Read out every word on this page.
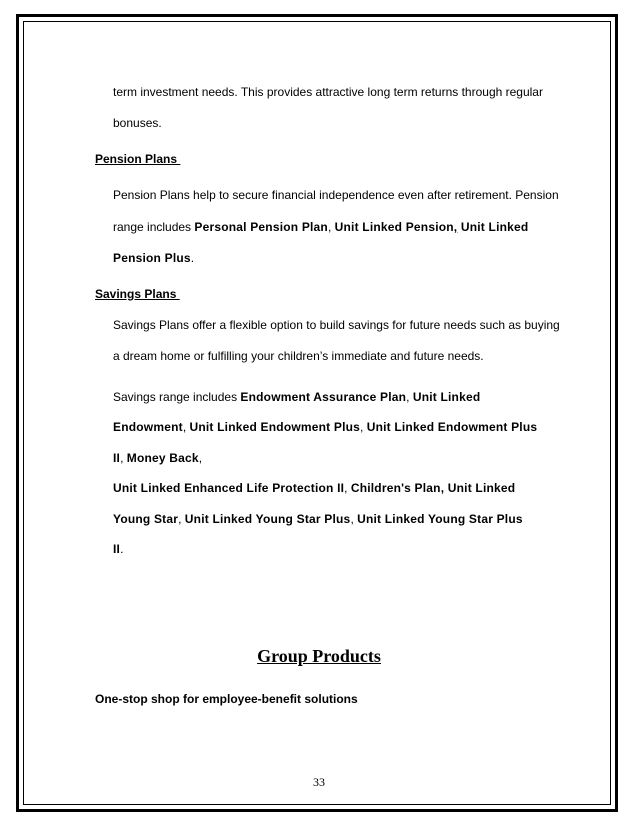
term investment needs. This provides attractive long term returns through regular
bonuses.
Pension Plans
Pension Plans help to secure financial independence even after retirement. Pension
range includes Personal Pension Plan, Unit Linked Pension, Unit Linked
Pension Plus.
Savings Plans
Savings Plans offer a flexible option to build savings for future needs such as buying
a dream home or fulfilling your children’s immediate and future needs.
Savings range includes Endowment Assurance Plan, Unit Linked
Endowment, Unit Linked Endowment Plus, Unit Linked Endowment Plus
II, Money Back,
Unit Linked Enhanced Life Protection II, Children's Plan, Unit Linked
Young Star, Unit Linked Young Star Plus, Unit Linked Young Star Plus
II.
Group Products
One-stop shop for employee-benefit solutions
33
